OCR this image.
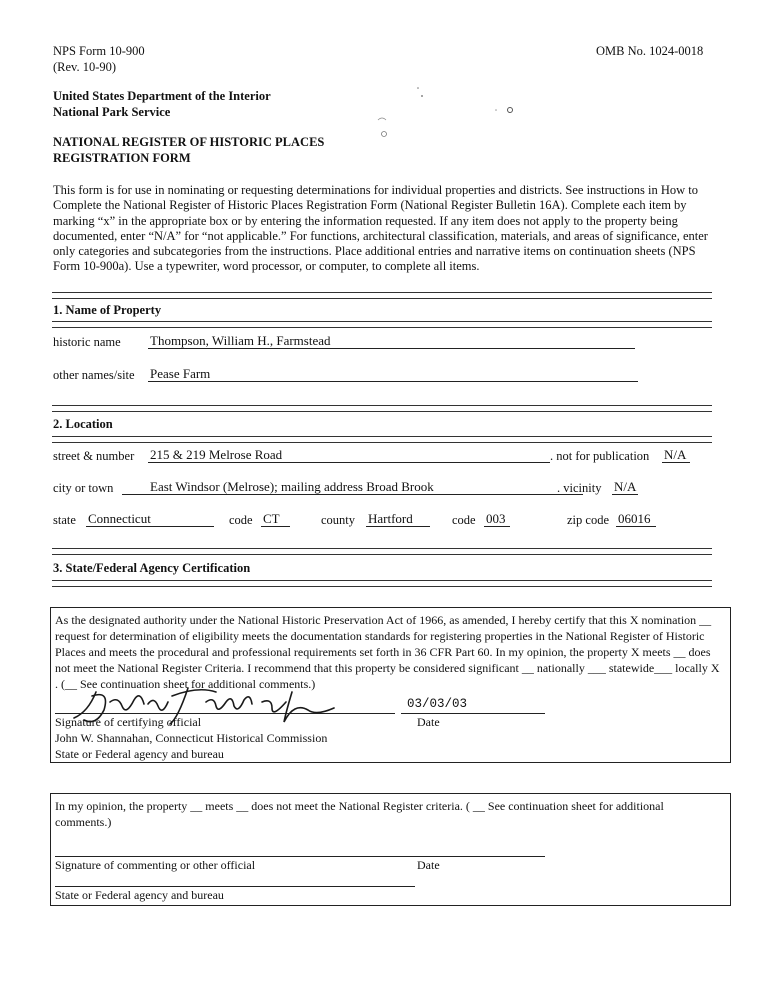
NPS Form 10-900
(Rev. 10-90)
OMB No. 1024-0018
United States Department of the Interior
National Park Service
NATIONAL REGISTER OF HISTORIC PLACES
REGISTRATION FORM
This form is for use in nominating or requesting determinations for individual properties and districts. See instructions in How to Complete the National Register of Historic Places Registration Form (National Register Bulletin 16A). Complete each item by marking “x” in the appropriate box or by entering the information requested. If any item does not apply to the property being documented, enter “N/A” for “not applicable.” For functions, architectural classification, materials, and areas of significance, enter only categories and subcategories from the instructions. Place additional entries and narrative items on continuation sheets (NPS Form 10-900a). Use a typewriter, word processor, or computer, to complete all items.
1. Name of Property
historic name Thompson, William H., Farmstead
other names/site Pease Farm
2. Location
street & number 215 & 219 Melrose Road	. not for publication N/A
city or town	East Windsor (Melrose); mailing address Broad Brook	. vicinity N/A
state Connecticut	code CT	county Hartford	code 003	zip code 06016
3. State/Federal Agency Certification
As the designated authority under the National Historic Preservation Act of 1966, as amended, I hereby certify that this X nomination __ request for determination of eligibility meets the documentation standards for registering properties in the National Register of Historic Places and meets the procedural and professional requirements set forth in 36 CFR Part 60. In my opinion, the property X meets __ does not meet the National Register Criteria. I recommend that this property be considered significant __ nationally ___ statewide___ locally X . (__ See continuation sheet for additional comments.)
03/03/03
Signature of certifying official	Date
John W. Shannahan, Connecticut Historical Commission
State or Federal agency and bureau
In my opinion, the property __ meets __ does not meet the National Register criteria. ( __ See continuation sheet for additional comments.)
Signature of commenting or other official	Date
State or Federal agency and bureau
